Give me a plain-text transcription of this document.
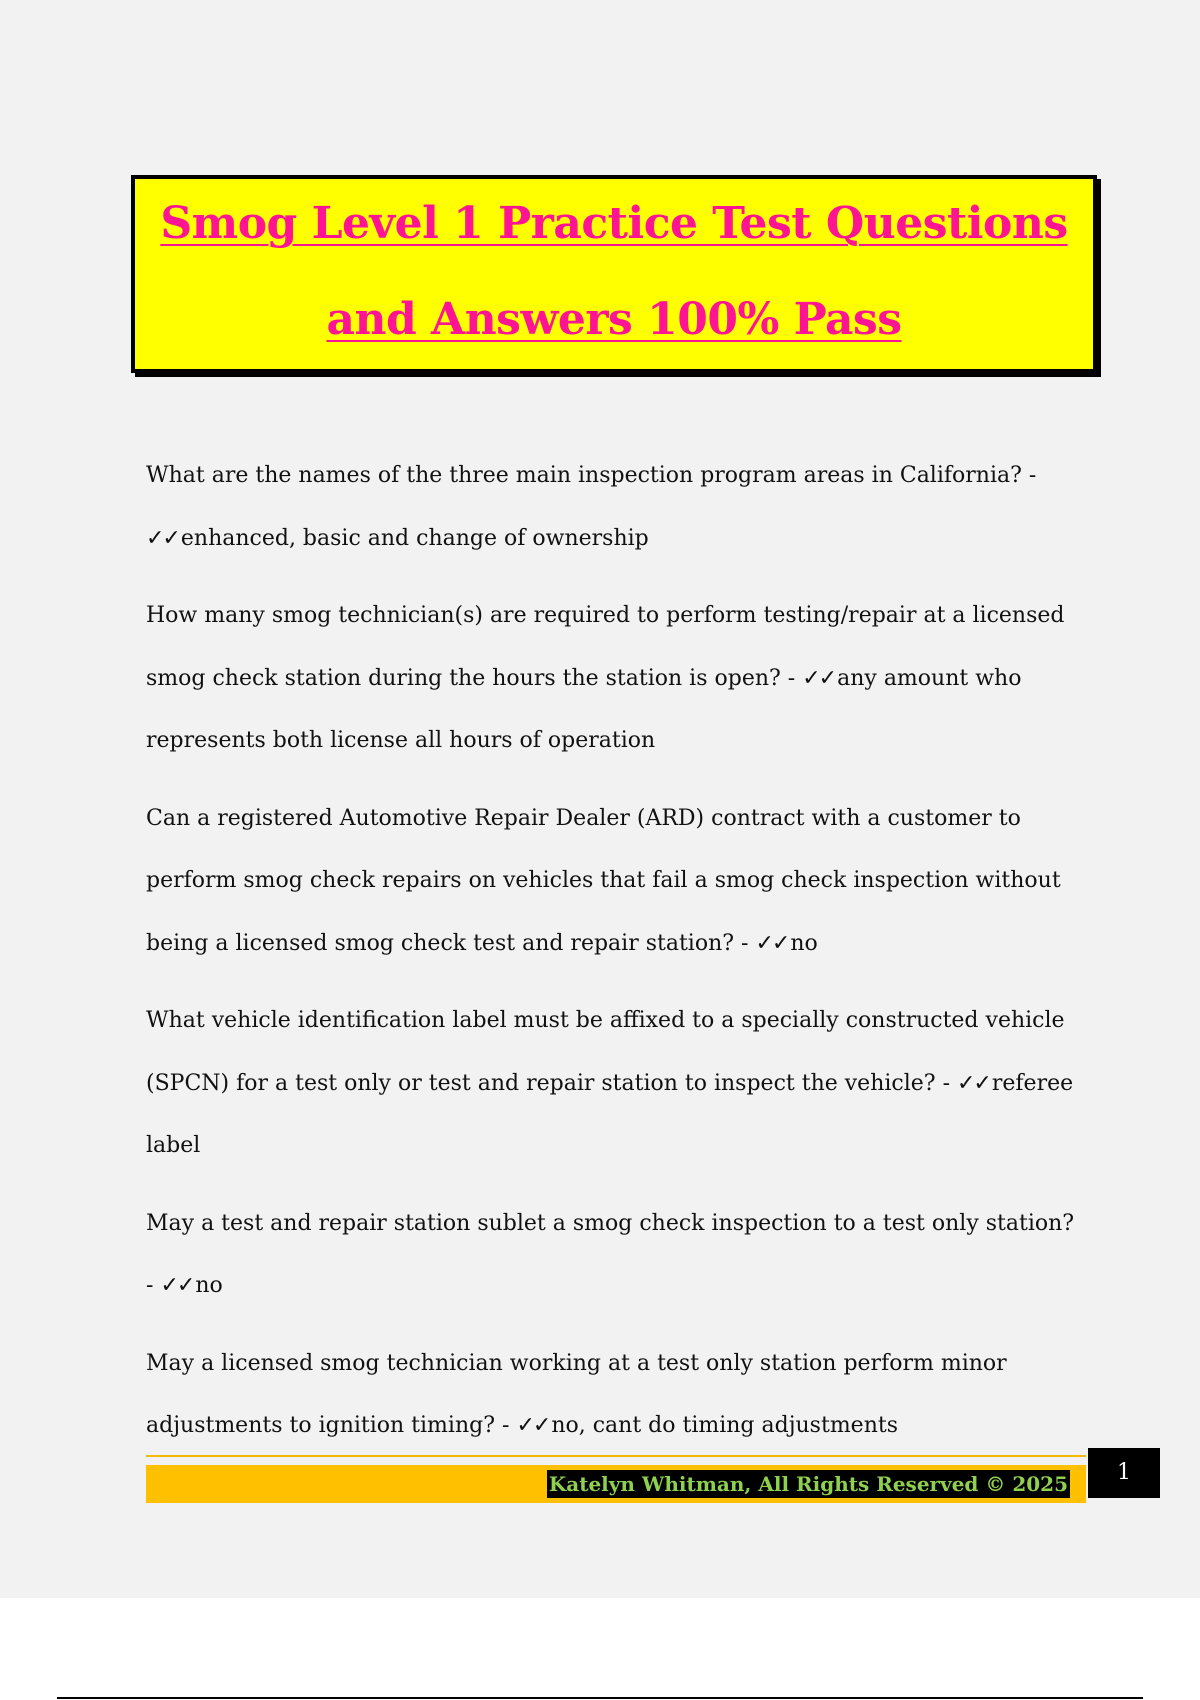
Smog Level 1 Practice Test Questions
and Answers 100% Pass
What are the names of the three main inspection program areas in California? - ✓✓enhanced, basic and change of ownership
How many smog technician(s) are required to perform testing/repair at a licensed smog check station during the hours the station is open? - ✓✓any amount who represents both license all hours of operation
Can a registered Automotive Repair Dealer (ARD) contract with a customer to perform smog check repairs on vehicles that fail a smog check inspection without being a licensed smog check test and repair station? - ✓✓no
What vehicle identification label must be affixed to a specially constructed vehicle (SPCN) for a test only or test and repair station to inspect the vehicle? - ✓✓referee label
May a test and repair station sublet a smog check inspection to a test only station? - ✓✓no
May a licensed smog technician working at a test only station perform minor adjustments to ignition timing? - ✓✓no, cant do timing adjustments
Katelyn Whitman, All Rights Reserved © 2025	1
